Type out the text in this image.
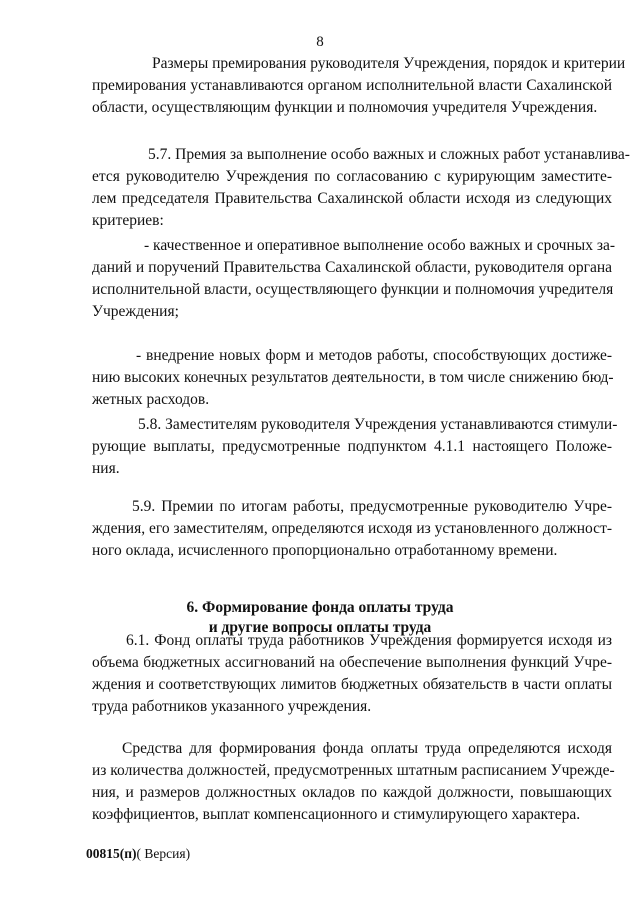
8
Размеры премирования руководителя Учреждения, порядок и критерии
премирования устанавливаются органом исполнительной власти Сахалинской
области, осуществляющим функции и полномочия учредителя Учреждения.
5.7. Премия за выполнение особо важных и сложных работ устанавлива-
ется руководителю Учреждения по согласованию с курирующим заместите-
лем председателя Правительства Сахалинской области исходя из следующих
критериев:
- качественное и оперативное выполнение особо важных и срочных за-
даний и поручений Правительства Сахалинской области, руководителя органа
исполнительной власти, осуществляющего функции и полномочия учредителя
Учреждения;
- внедрение новых форм и методов работы, способствующих достиже-
нию высоких конечных результатов деятельности, в том числе снижению бюд-
жетных расходов.
5.8. Заместителям руководителя Учреждения устанавливаются стимули-
рующие выплаты, предусмотренные подпунктом 4.1.1 настоящего Положе-
ния.
5.9. Премии по итогам работы, предусмотренные руководителю Учре-
ждения, его заместителям, определяются исходя из установленного должност-
ного оклада, исчисленного пропорционально отработанному времени.
6. Формирование фонда оплаты труда
и другие вопросы оплаты труда
6.1. Фонд оплаты труда работников Учреждения формируется исходя из
объема бюджетных ассигнований на обеспечение выполнения функций Учре-
ждения и соответствующих лимитов бюджетных обязательств в части оплаты
труда работников указанного учреждения.
Средства для формирования фонда оплаты труда определяются исходя
из количества должностей, предусмотренных штатным расписанием Учрежде-
ния, и размеров должностных окладов по каждой должности, повышающих
коэффициентов, выплат компенсационного и стимулирующего характера.
00815(п)( Версия)
